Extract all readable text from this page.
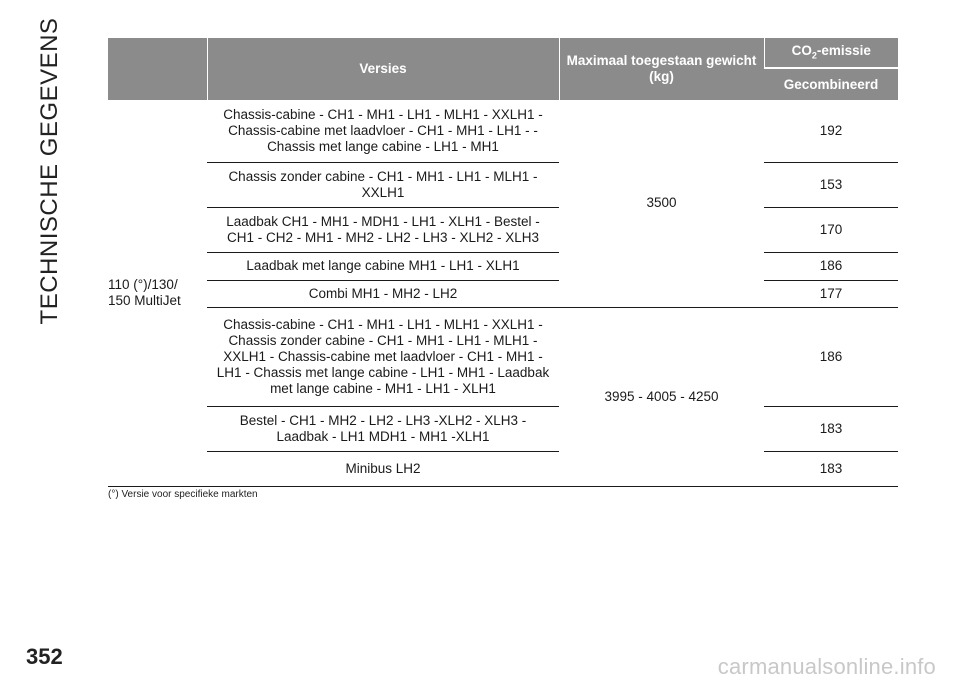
TECHNISCHE GEGEVENS
		Versies	Maximaal toegestaan gewicht (kg)	$CO_2$-emissie
			Gecombineerd
110 (°)/130/ 150 MultiJet	Chassis-cabine - CH1 - MH1 - LH1 - MLH1 - XXLH1 - Chassis-cabine met laadvloer - CH1 - MH1 - LH1 - - Chassis met lange cabine - LH1 - MH1	3500	192
	Chassis zonder cabine - CH1 - MH1 - LH1 - MLH1 - XXLH1		153
	Laadbak CH1 - MH1 - MDH1 - LH1 - XLH1 - Bestel - CH1 - CH2 - MH1 - MH2 - LH2 - LH3 - XLH2 - XLH3		170
	Laadbak met lange cabine MH1 - LH1 - XLH1		186
	Combi MH1 - MH2 - LH2		177
	Chassis-cabine - CH1 - MH1 - LH1 - MLH1 - XXLH1 - Chassis zonder cabine - CH1 - MH1 - LH1 - MLH1 - XXLH1 - Chassis-cabine met laadvloer - CH1 - MH1 - LH1 - Chassis met lange cabine - LH1 - MH1 - Laadbak met lange cabine - MH1 - LH1 - XLH1	3995 - 4005 - 4250	186
	Bestel - CH1 - MH2 - LH2 - LH3 -XLH2 - XLH3 - Laadbak - LH1 MDH1 - MH1 -XLH1		183
	Minibus LH2		183
(°) Versie voor specifieke markten
352	carmanualsonline.info
